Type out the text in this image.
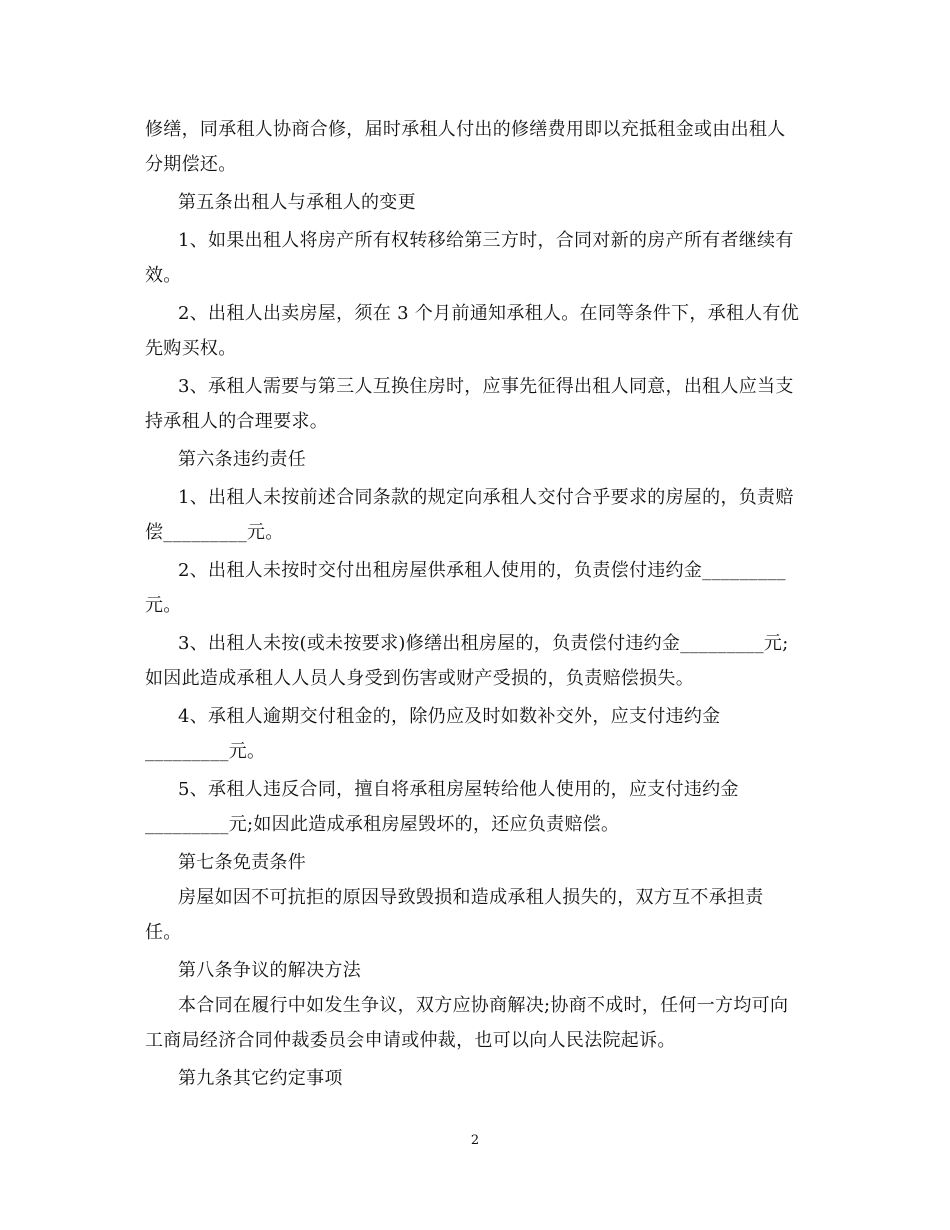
修缮，同承租人协商合修，届时承租人付出的修缮费用即以充抵租金或由出租人
分期偿还。
第五条出租人与承租人的变更
1、如果出租人将房产所有权转移给第三方时，合同对新的房产所有者继续有
效。
2、出租人出卖房屋，须在 3 个月前通知承租人。在同等条件下，承租人有优
先购买权。
3、承租人需要与第三人互换住房时，应事先征得出租人同意，出租人应当支
持承租人的合理要求。
第六条违约责任
1、出租人未按前述合同条款的规定向承租人交付合乎要求的房屋的，负责赔
偿_________元。
2、出租人未按时交付出租房屋供承租人使用的，负责偿付违约金_________
元。
3、出租人未按(或未按要求)修缮出租房屋的，负责偿付违约金_________元;
如因此造成承租人人员人身受到伤害或财产受损的，负责赔偿损失。
4、承租人逾期交付租金的，除仍应及时如数补交外，应支付违约金
_________元。
5、承租人违反合同，擅自将承租房屋转给他人使用的，应支付违约金
_________元;如因此造成承租房屋毁坏的，还应负责赔偿。
第七条免责条件
房屋如因不可抗拒的原因导致毁损和造成承租人损失的，双方互不承担责
任。
第八条争议的解决方法
本合同在履行中如发生争议，双方应协商解决;协商不成时，任何一方均可向
工商局经济合同仲裁委员会申请或仲裁，也可以向人民法院起诉。
第九条其它约定事项
2
